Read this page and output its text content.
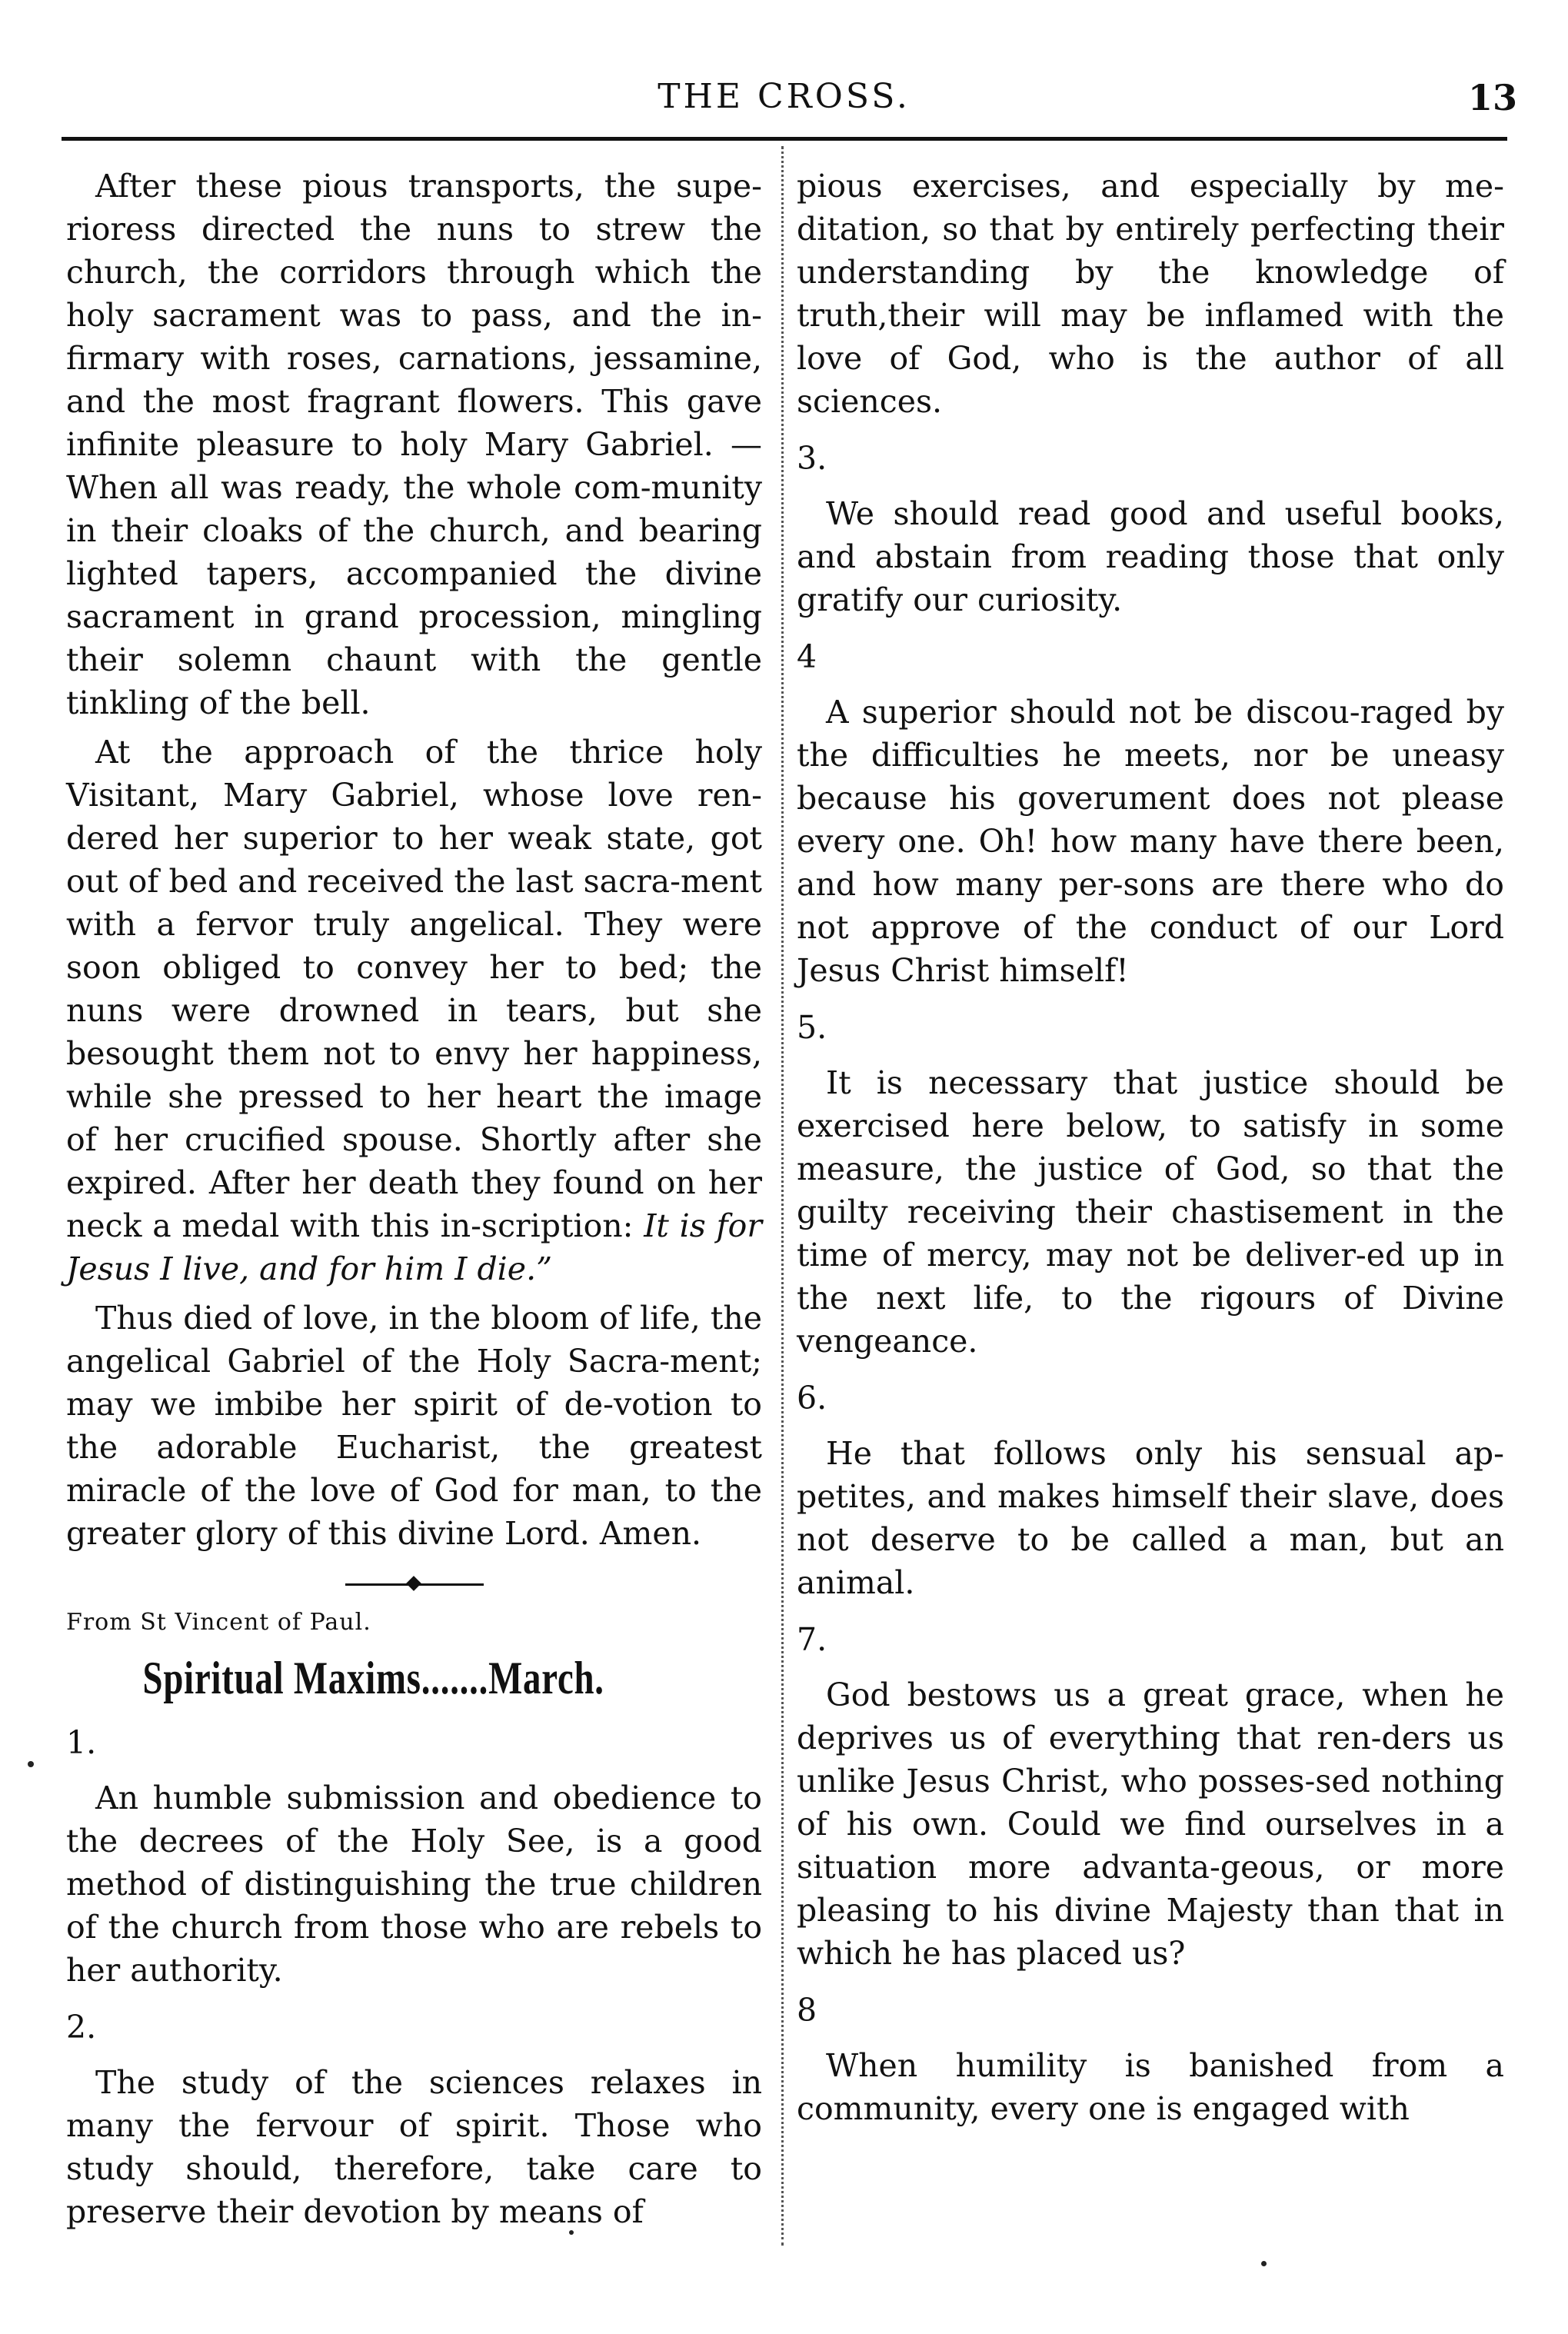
THE CROSS.	13

After these pious transports, the supe-rioress directed the nuns to strew the church, the corridors through which the holy sacrament was to pass, and the in-firmary with roses, carnations, jessamine, and the most fragrant flowers. This gave infinite pleasure to holy Mary Gabriel. —When all was ready, the whole com-munity in their cloaks of the church, and bearing lighted tapers, accompanied the divine sacrament in grand procession, mingling their solemn chaunt with the gentle tinkling of the bell.

At the approach of the thrice holy Visitant, Mary Gabriel, whose love ren-dered her superior to her weak state, got out of bed and received the last sacra-ment with a fervor truly angelical. They were soon obliged to convey her to bed; the nuns were drowned in tears, but she besought them not to envy her happiness, while she pressed to her heart the image of her crucified spouse. Shortly after she expired. After her death they found on her neck a medal with this in-scription: It is for Jesus I live, and for him I die.”

Thus died of love, in the bloom of life, the angelical Gabriel of the Holy Sacra-ment; may we imbibe her spirit of de-votion to the adorable Eucharist, the greatest miracle of the love of God for man, to the greater glory of this divine Lord. Amen.

From St Vincent of Paul.

Spiritual Maxims.......March.

1.

An humble submission and obedience to the decrees of the Holy See, is a good method of distinguishing the true children of the church from those who are rebels to her authority.

2.

The study of the sciences relaxes in many the fervour of spirit. Those who study should, therefore, take care to preserve their devotion by means of

pious exercises, and especially by me-ditation, so that by entirely perfecting their understanding by the knowledge of truth,their will may be inflamed with the love of God, who is the author of all sciences.

3.

We should read good and useful books, and abstain from reading those that only gratify our curiosity.

4

A superior should not be discou-raged by the difficulties he meets, nor be uneasy because his goverument does not please every one. Oh! how many have there been, and how many per-sons are there who do not approve of the conduct of our Lord Jesus Christ himself!

5.

It is necessary that justice should be exercised here below, to satisfy in some measure, the justice of God, so that the guilty receiving their chastisement in the time of mercy, may not be deliver-ed up in the next life, to the rigours of Divine vengeance.

6.

He that follows only his sensual ap-petites, and makes himself their slave, does not deserve to be called a man, but an animal.

7.

God bestows us a great grace, when he deprives us of everything that ren-ders us unlike Jesus Christ, who posses-sed nothing of his own. Could we find ourselves in a situation more advanta-geous, or more pleasing to his divine Majesty than that in which he has placed us?

8

When humility is banished from a community, every one is engaged with
